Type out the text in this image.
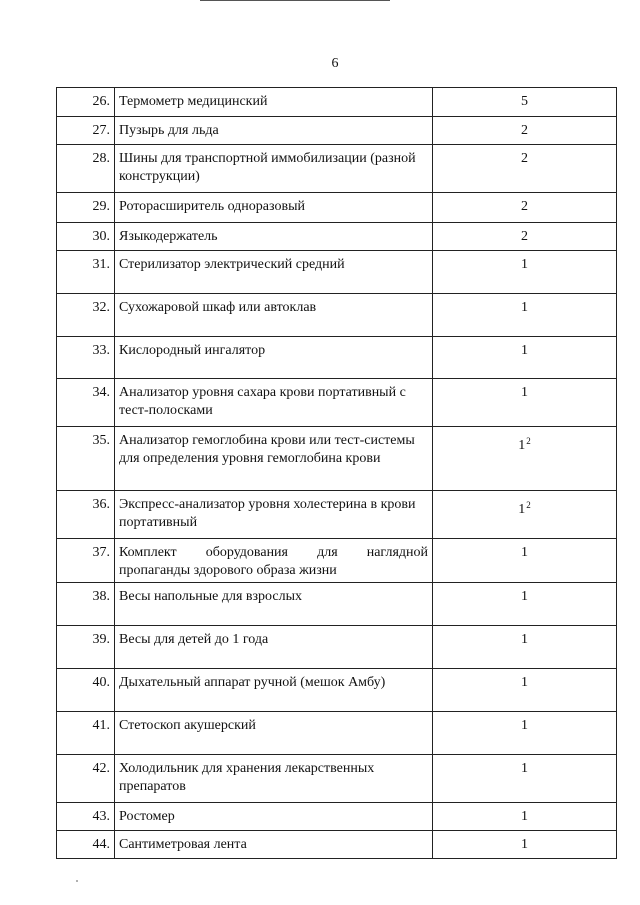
6
26.	Термометр медицинский	5
27.	Пузырь для льда	2
28.	Шины для транспортной иммобилизации (разной конструкции)	2
29.	Роторасширитель одноразовый	2
30.	Языкодержатель	2
31.	Стерилизатор электрический средний	1
32.	Сухожаровой шкаф или автоклав	1
33.	Кислородный ингалятор	1
34.	Анализатор уровня сахара крови портативный с тест-полосками	1
35.	Анализатор гемоглобина крови или тест-системы для определения уровня гемоглобина крови	1$^2$
36.	Экспресс-анализатор уровня холестерина в крови портативный	1$^2$
37.	Комплект оборудования для наглядной
пропаганды здорового образа жизни	1
38.	Весы напольные для взрослых	1
39.	Весы для детей до 1 года	1
40.	Дыхательный аппарат ручной (мешок Амбу)	1
41.	Стетоскоп акушерский	1
42.	Холодильник для хранения лекарственных препаратов	1
43.	Ростомер	1
44.	Сантиметровая лента	1
